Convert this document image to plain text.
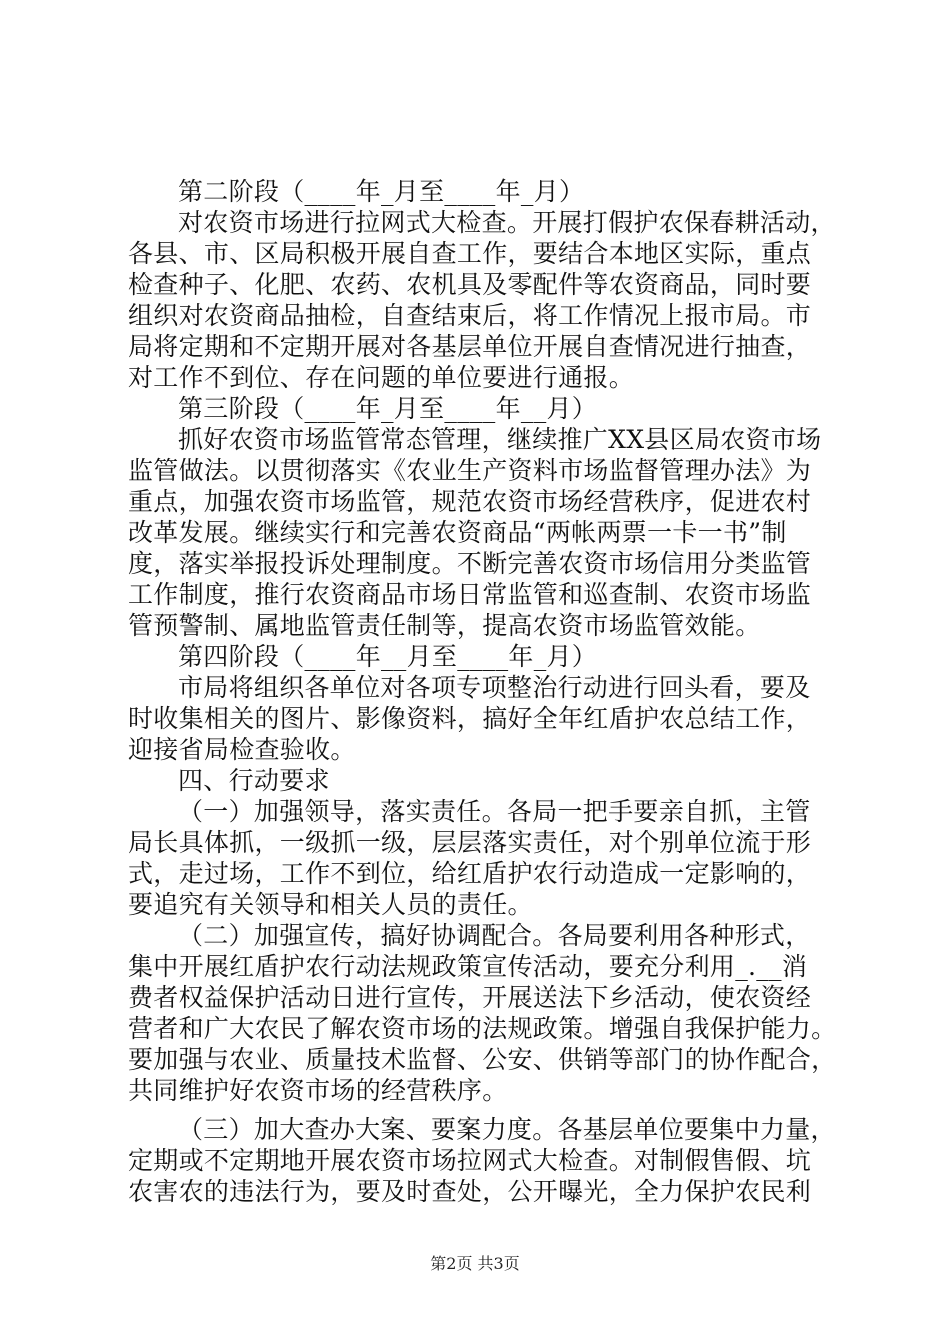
第二阶段（____年_月至____年_月）
对农资市场进行拉网式大检查。开展打假护农保春耕活动，
各县、市、区局积极开展自查工作，要结合本地区实际，重点
检查种子、化肥、农药、农机具及零配件等农资商品，同时要
组织对农资商品抽检，自查结束后，将工作情况上报市局。市
局将定期和不定期开展对各基层单位开展自查情况进行抽查，
对工作不到位、存在问题的单位要进行通报。
第三阶段（____年_月至____年__月）
抓好农资市场监管常态管理，继续推广XX县区局农资市场
监管做法。以贯彻落实《农业生产资料市场监督管理办法》为
重点，加强农资市场监管，规范农资市场经营秩序，促进农村
改革发展。继续实行和完善农资商品“两帐两票一卡一书”制
度，落实举报投诉处理制度。不断完善农资市场信用分类监管
工作制度，推行农资商品市场日常监管和巡查制、农资市场监
管预警制、属地监管责任制等，提高农资市场监管效能。
第四阶段（____年__月至____年_月）
市局将组织各单位对各项专项整治行动进行回头看，要及
时收集相关的图片、影像资料，搞好全年红盾护农总结工作，
迎接省局检查验收。
四、行动要求
（一）加强领导，落实责任。各局一把手要亲自抓，主管
局长具体抓，一级抓一级，层层落实责任，对个别单位流于形
式，走过场，工作不到位，给红盾护农行动造成一定影响的，
要追究有关领导和相关人员的责任。
（二）加强宣传，搞好协调配合。各局要利用各种形式，
集中开展红盾护农行动法规政策宣传活动，要充分利用_.__消
费者权益保护活动日进行宣传，开展送法下乡活动，使农资经
营者和广大农民了解农资市场的法规政策。增强自我保护能力。
要加强与农业、质量技术监督、公安、供销等部门的协作配合，
共同维护好农资市场的经营秩序。
（三）加大查办大案、要案力度。各基层单位要集中力量，
定期或不定期地开展农资市场拉网式大检查。对制假售假、坑
农害农的违法行为，要及时查处，公开曝光，全力保护农民利
第2页 共3页
